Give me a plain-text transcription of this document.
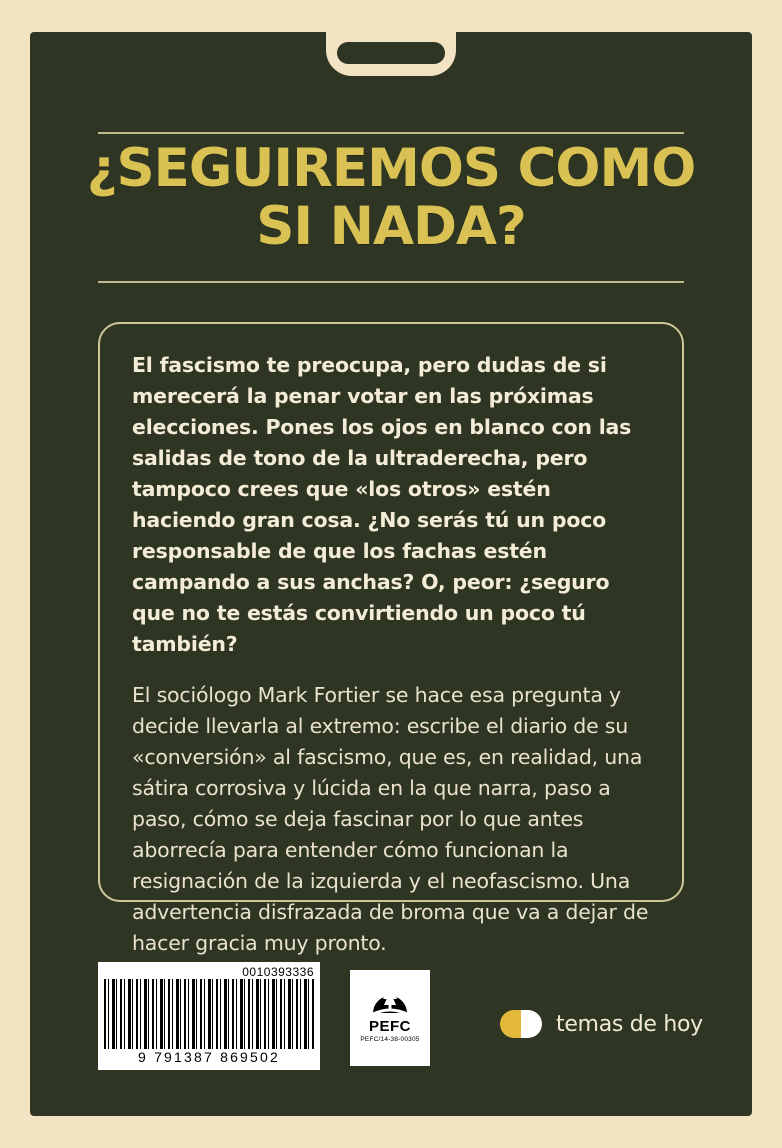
¿SEGUIREMOS COMO
SI NADA?

El fascismo te preocupa, pero dudas de si merecerá la penar votar en las próximas elecciones. Pones los ojos en blanco con las salidas de tono de la ultraderecha, pero tampoco crees que «los otros» estén haciendo gran cosa. ¿No serás tú un poco responsable de que los fachas estén campando a sus anchas? O, peor: ¿seguro que no te estás convirtiendo un poco tú también?

El sociólogo Mark Fortier se hace esa pregunta y decide llevarla al extremo: escribe el diario de su «conversión» al fascismo, que es, en realidad, una sátira corrosiva y lúcida en la que narra, paso a paso, cómo se deja fascinar por lo que antes aborrecía para entender cómo funcionan la resignación de la izquierda y el neofascismo. Una advertencia disfrazada de broma que va a dejar de hacer gracia muy pronto.

0010393336
9 791387 869502
PEFC
PEFC/14-38-00305
temas de hoy
